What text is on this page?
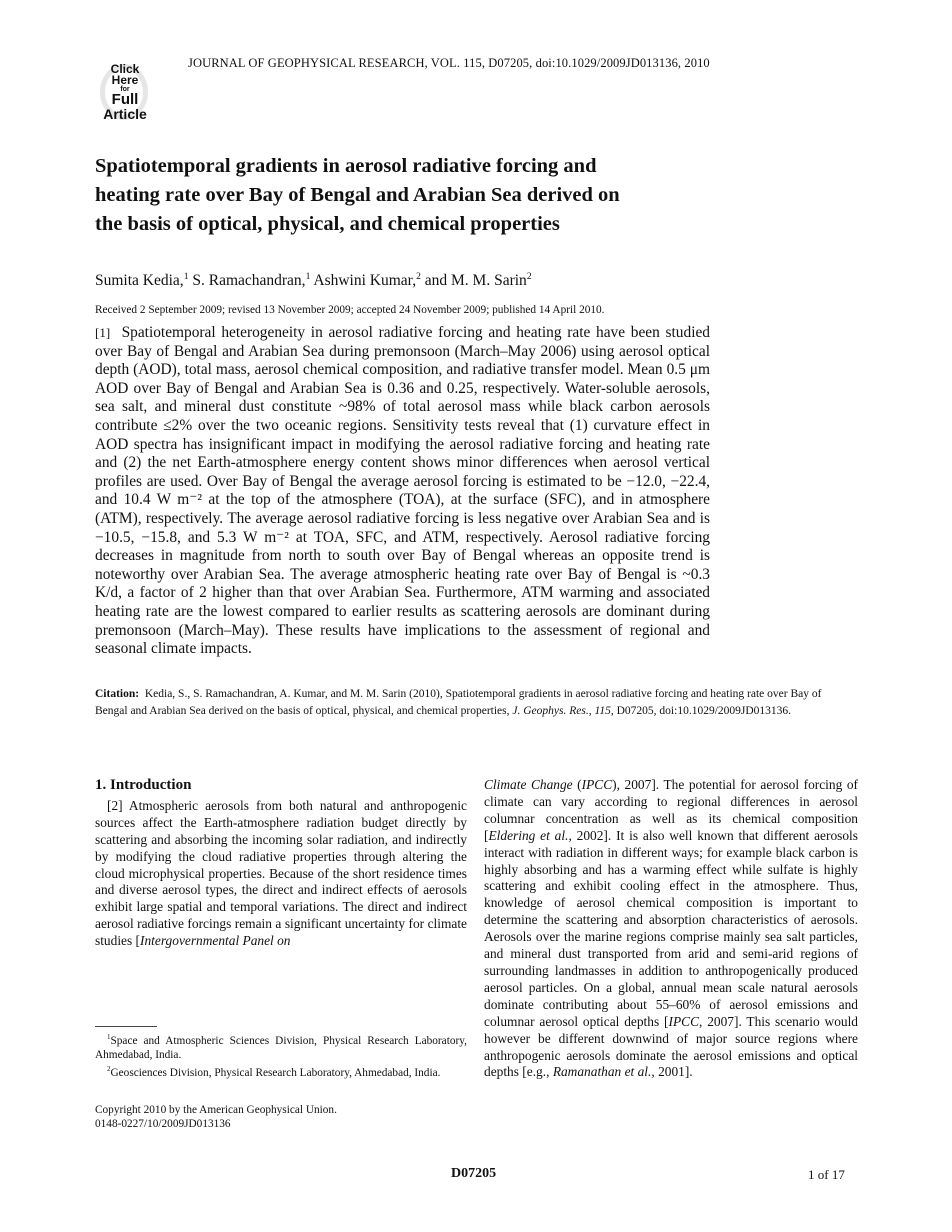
JOURNAL OF GEOPHYSICAL RESEARCH, VOL. 115, D07205, doi:10.1029/2009JD013136, 2010
Click
Here
for
Full
Article
Spatiotemporal gradients in aerosol radiative forcing and heating rate over Bay of Bengal and Arabian Sea derived on the basis of optical, physical, and chemical properties
Sumita Kedia,$^1$ S. Ramachandran,$^1$ Ashwini Kumar,$^2$ and M. M. Sarin$^2$
Received 2 September 2009; revised 13 November 2009; accepted 24 November 2009; published 14 April 2010.
[1] Spatiotemporal heterogeneity in aerosol radiative forcing and heating rate have been studied over Bay of Bengal and Arabian Sea during premonsoon (March–May 2006) using aerosol optical depth (AOD), total mass, aerosol chemical composition, and radiative transfer model. Mean 0.5 μm AOD over Bay of Bengal and Arabian Sea is 0.36 and 0.25, respectively. Water-soluble aerosols, sea salt, and mineral dust constitute ~98% of total aerosol mass while black carbon aerosols contribute ≤2% over the two oceanic regions. Sensitivity tests reveal that (1) curvature effect in AOD spectra has insignificant impact in modifying the aerosol radiative forcing and heating rate and (2) the net Earth-atmosphere energy content shows minor differences when aerosol vertical profiles are used. Over Bay of Bengal the average aerosol forcing is estimated to be −12.0, −22.4, and 10.4 W m⁻² at the top of the atmosphere (TOA), at the surface (SFC), and in atmosphere (ATM), respectively. The average aerosol radiative forcing is less negative over Arabian Sea and is −10.5, −15.8, and 5.3 W m⁻² at TOA, SFC, and ATM, respectively. Aerosol radiative forcing decreases in magnitude from north to south over Bay of Bengal whereas an opposite trend is noteworthy over Arabian Sea. The average atmospheric heating rate over Bay of Bengal is ~0.3 K/d, a factor of 2 higher than that over Arabian Sea. Furthermore, ATM warming and associated heating rate are the lowest compared to earlier results as scattering aerosols are dominant during premonsoon (March–May). These results have implications to the assessment of regional and seasonal climate impacts.
Citation: Kedia, S., S. Ramachandran, A. Kumar, and M. M. Sarin (2010), Spatiotemporal gradients in aerosol radiative forcing and heating rate over Bay of Bengal and Arabian Sea derived on the basis of optical, physical, and chemical properties, J. Geophys. Res., 115, D07205, doi:10.1029/2009JD013136.
1. Introduction

[2] Atmospheric aerosols from both natural and anthropogenic sources affect the Earth-atmosphere radiation budget directly by scattering and absorbing the incoming solar radiation, and indirectly by modifying the cloud radiative properties through altering the cloud microphysical properties. Because of the short residence times and diverse aerosol types, the direct and indirect effects of aerosols exhibit large spatial and temporal variations. The direct and indirect aerosol radiative forcings remain a significant uncertainty for climate studies [Intergovernmental Panel on

Climate Change (IPCC), 2007]. The potential for aerosol forcing of climate can vary according to regional differences in aerosol columnar concentration as well as its chemical composition [Eldering et al., 2002]. It is also well known that different aerosols interact with radiation in different ways; for example black carbon is highly absorbing and has a warming effect while sulfate is highly scattering and exhibit cooling effect in the atmosphere. Thus, knowledge of aerosol chemical composition is important to determine the scattering and absorption characteristics of aerosols. Aerosols over the marine regions comprise mainly sea salt particles, and mineral dust transported from arid and semi-arid regions of surrounding landmasses in addition to anthropogenically produced aerosol particles. On a global, annual mean scale natural aerosols dominate contributing about 55–60% of aerosol emissions and columnar aerosol optical depths [IPCC, 2007]. This scenario would however be different downwind of major source regions where anthropogenic aerosols dominate the aerosol emissions and optical depths [e.g., Ramanathan et al., 2001].

$^1$Space and Atmospheric Sciences Division, Physical Research Laboratory, Ahmedabad, India.

$^2$Geosciences Division, Physical Research Laboratory, Ahmedabad, India.

Copyright 2010 by the American Geophysical Union.
0148-0227/10/2009JD013136
D07205	1 of 17
